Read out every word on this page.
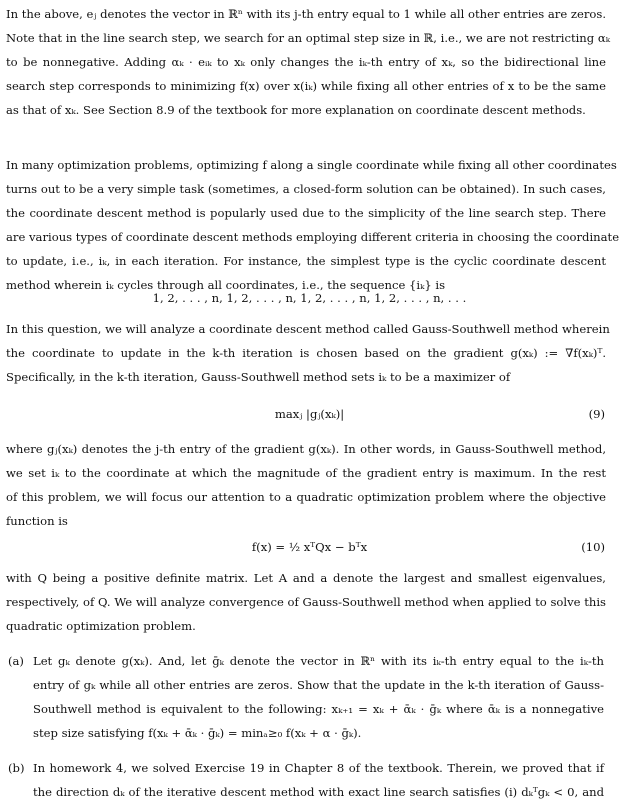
In the above, eⱼ denotes the vector in ℝⁿ with its j-th entry equal to 1 while all other entries are zeros.
Note that in the line search step, we search for an optimal step size in ℝ, i.e., we are not restricting αₖ
to be nonnegative. Adding αₖ · eᵢₖ to xₖ only changes the iₖ-th entry of xₖ, so the bidirectional line
search step corresponds to minimizing f(x) over x(iₖ) while fixing all other entries of x to be the same
as that of xₖ. See Section 8.9 of the textbook for more explanation on coordinate descent methods.
In many optimization problems, optimizing f along a single coordinate while fixing all other coordinates
turns out to be a very simple task (sometimes, a closed-form solution can be obtained). In such cases,
the coordinate descent method is popularly used due to the simplicity of the line search step. There
are various types of coordinate descent methods employing different criteria in choosing the coordinate
to update, i.e., iₖ, in each iteration. For instance, the simplest type is the cyclic coordinate descent
method wherein iₖ cycles through all coordinates, i.e., the sequence {iₖ} is
1, 2, . . . , n, 1, 2, . . . , n, 1, 2, . . . , n, 1, 2, . . . , n, . . .
In this question, we will analyze a coordinate descent method called Gauss-Southwell method wherein
the coordinate to update in the k-th iteration is chosen based on the gradient g(xₖ) := ∇f(xₖ)ᵀ.
Specifically, in the k-th iteration, Gauss-Southwell method sets iₖ to be a maximizer of
maxⱼ |gⱼ(xₖ)|	(9)
where gⱼ(xₖ) denotes the j-th entry of the gradient g(xₖ). In other words, in Gauss-Southwell method,
we set iₖ to the coordinate at which the magnitude of the gradient entry is maximum. In the rest
of this problem, we will focus our attention to a quadratic optimization problem where the objective
function is
f(x) = ½ xᵀQx − bᵀx	(10)
with Q being a positive definite matrix. Let A and a denote the largest and smallest eigenvalues,
respectively, of Q. We will analyze convergence of Gauss-Southwell method when applied to solve this
quadratic optimization problem.
(a) Let gₖ denote g(xₖ). And, let ḡₖ denote the vector in ℝⁿ with its iₖ-th entry equal to the iₖ-th
entry of gₖ while all other entries are zeros. Show that the update in the k-th iteration of Gauss-
Southwell method is equivalent to the following: xₖ₊₁ = xₖ + ᾱₖ · ḡₖ where ᾱₖ is a nonnegative
step size satisfying f(xₖ + ᾱₖ · ḡₖ) = minₐ≥₀ f(xₖ + α · ḡₖ).
(b) In homework 4, we solved Exercise 19 in Chapter 8 of the textbook. Therein, we proved that if
the direction dₖ of the iterative descent method with exact line search satisfies (i) dₖᵀgₖ < 0, and
